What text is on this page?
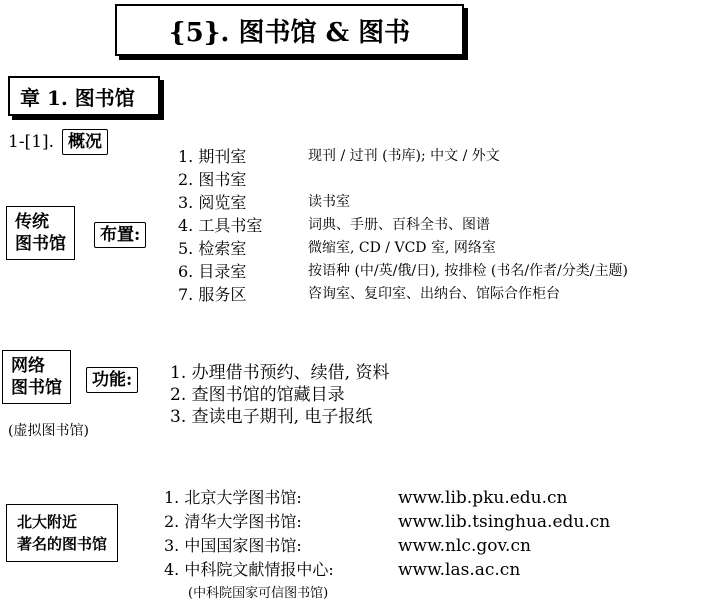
{5}. 图书馆 & 图书
章 1. 图书馆
1-[1]. 概况
传统
图书馆	布置:
1. 期刊室
2. 图书室
3. 阅览室
4. 工具书室
5. 检索室
6. 目录室
7. 服务区
现刊 / 过刊 (书库); 中文 / 外文
读书室
词典、手册、百科全书、图谱
微缩室, CD / VCD 室, 网络室
按语种 (中/英/俄/日), 按排检 (书名/作者/分类/主题)
咨询室、复印室、出纳台、馆际合作柜台
网络
图书馆	功能:
(虚拟图书馆)
1. 办理借书预约、续借, 资料
2. 查图书馆的馆藏目录
3. 查读电子期刊, 电子报纸
北大附近
著名的图书馆
1. 北京大学图书馆:
2. 清华大学图书馆:
3. 中国国家图书馆:
4. 中科院文献情报中心:
www.lib.pku.edu.cn
www.lib.tsinghua.edu.cn
www.nlc.gov.cn
www.las.ac.cn
(中科院国家可信图书馆)
